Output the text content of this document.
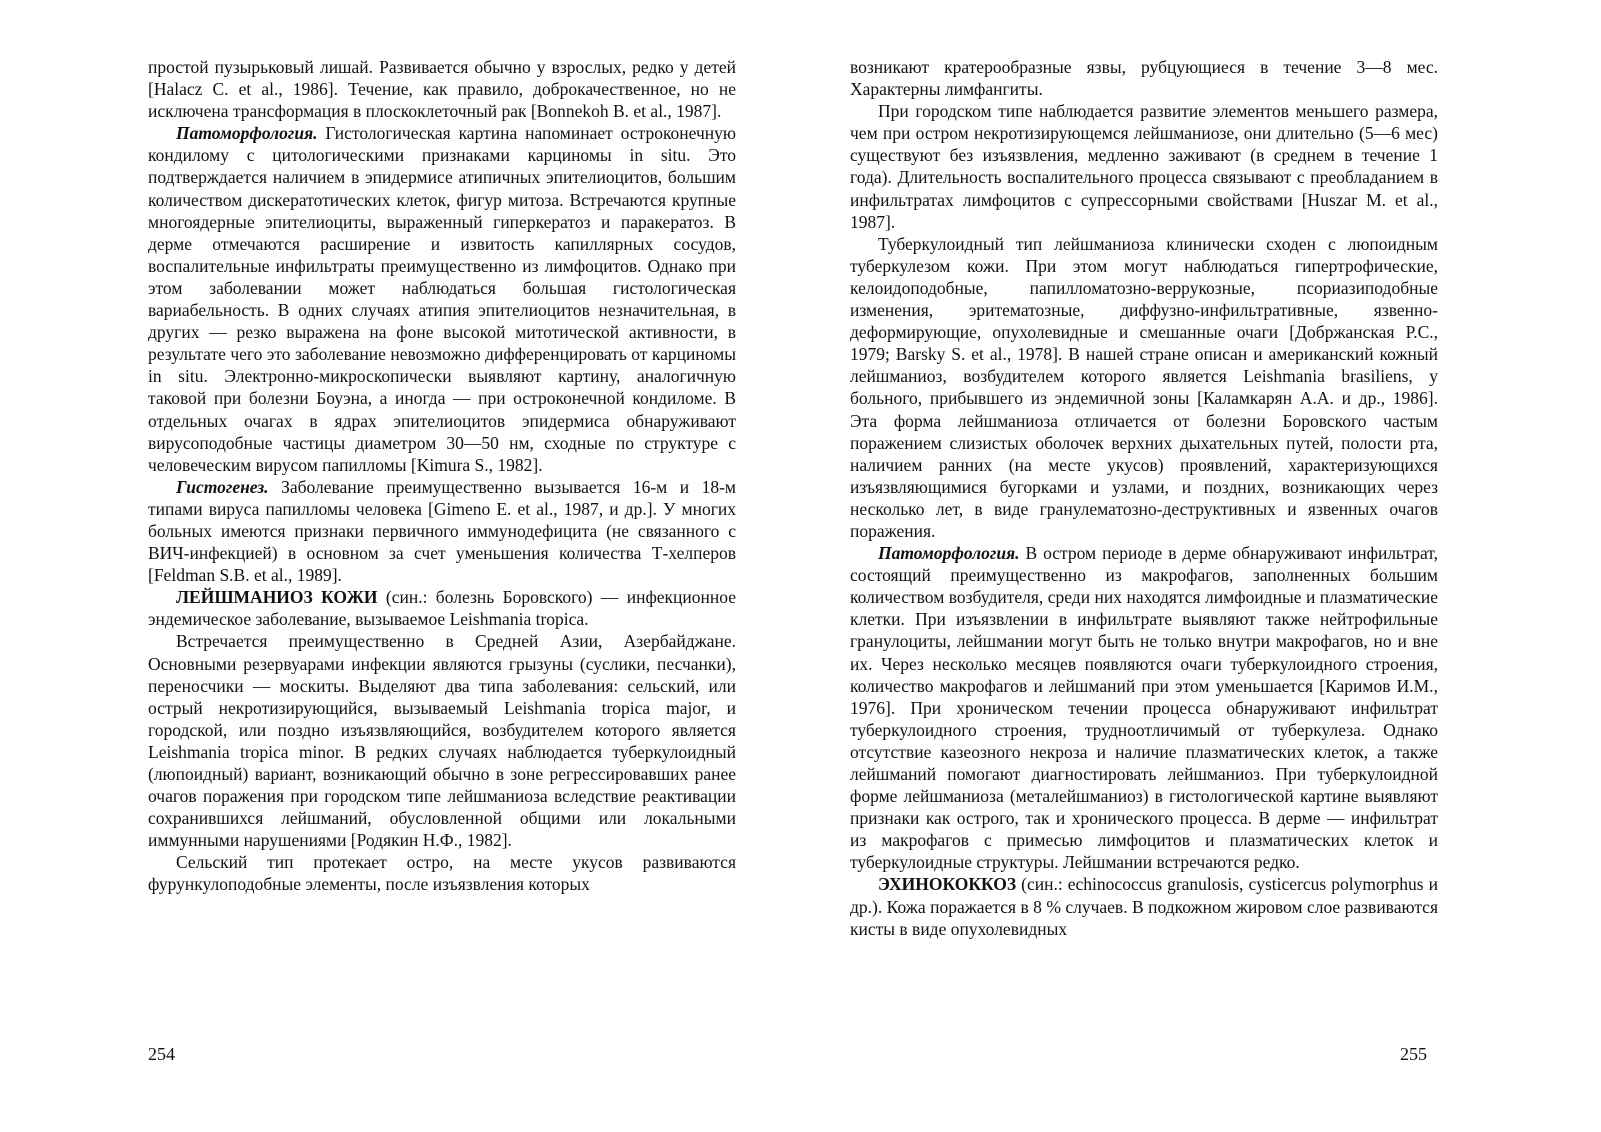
простой пузырьковый лишай. Развивается обычно у взрослых, редко у детей [Halacz C. et al., 1986]. Течение, как правило, доброкачественное, но не исключена трансформация в плоскоклеточный рак [Bonnekoh B. et al., 1987].

Патоморфология. Гистологическая картина напоминает остроконечную кондилому с цитологическими признаками карциномы in situ. Это подтверждается наличием в эпидермисе атипичных эпителиоцитов, большим количеством дискератотических клеток, фигур митоза. Встречаются крупные многоядерные эпителиоциты, выраженный гиперкератоз и паракератоз. В дерме отмечаются расширение и извитость капиллярных сосудов, воспалительные инфильтраты преимущественно из лимфоцитов. Однако при этом заболевании может наблюдаться большая гистологическая вариабельность. В одних случаях атипия эпителиоцитов незначительная, в других — резко выражена на фоне высокой митотической активности, в результате чего это заболевание невозможно дифференцировать от карциномы in situ. Электронно-микроскопически выявляют картину, аналогичную таковой при болезни Боуэна, а иногда — при остроконечной кондиломе. В отдельных очагах в ядрах эпителиоцитов эпидермиса обнаруживают вирусоподобные частицы диаметром 30—50 нм, сходные по структуре с человеческим вирусом папилломы [Kimura S., 1982].

Гистогенез. Заболевание преимущественно вызывается 16-м и 18-м типами вируса папилломы человека [Gimeno E. et al., 1987, и др.]. У многих больных имеются признаки первичного иммунодефицита (не связанного с ВИЧ-инфекцией) в основном за счет уменьшения количества Т-хелперов [Feldman S.B. et al., 1989].

ЛЕЙШМАНИОЗ КОЖИ (син.: болезнь Боровского) — инфекционное эндемическое заболевание, вызываемое Leishmania tropica.

Встречается преимущественно в Средней Азии, Азербайджане. Основными резервуарами инфекции являются грызуны (суслики, песчанки), переносчики — москиты. Выделяют два типа заболевания: сельский, или острый некротизирующийся, вызываемый Leishmania tropica major, и городской, или поздно изъязвляющийся, возбудителем которого является Leishmania tropica minor. В редких случаях наблюдается туберкулоидный (люпоидный) вариант, возникающий обычно в зоне регрессировавших ранее очагов поражения при городском типе лейшманиоза вследствие реактивации сохранившихся лейшманий, обусловленной общими или локальными иммунными нарушениями [Родякин Н.Ф., 1982].

Сельский тип протекает остро, на месте укусов развиваются фурункулоподобные элементы, после изъязвления которых

254

возникают кратерообразные язвы, рубцующиеся в течение 3—8 мес. Характерны лимфангиты.

При городском типе наблюдается развитие элементов меньшего размера, чем при остром некротизирующемся лейшманиозе, они длительно (5—6 мес) существуют без изъязвления, медленно заживают (в среднем в течение 1 года). Длительность воспалительного процесса связывают с преобладанием в инфильтратах лимфоцитов с супрессорными свойствами [Huszar M. et al., 1987].

Туберкулоидный тип лейшманиоза клинически сходен с люпоидным туберкулезом кожи. При этом могут наблюдаться гипертрофические, келоидоподобные, папилломатозно-веррукозные, псориазиподобные изменения, эритематозные, диффузно-инфильтративные, язвенно-деформирующие, опухолевидные и смешанные очаги [Добржанская Р.С., 1979; Barsky S. et al., 1978]. В нашей стране описан и американский кожный лейшманиоз, возбудителем которого является Leishmania brasiliens, у больного, прибывшего из эндемичной зоны [Каламкарян А.А. и др., 1986]. Эта форма лейшманиоза отличается от болезни Боровского частым поражением слизистых оболочек верхних дыхательных путей, полости рта, наличием ранних (на месте укусов) проявлений, характеризующихся изъязвляющимися бугорками и узлами, и поздних, возникающих через несколько лет, в виде гранулематозно-деструктивных и язвенных очагов поражения.

Патоморфология. В остром периоде в дерме обнаруживают инфильтрат, состоящий преимущественно из макрофагов, заполненных большим количеством возбудителя, среди них находятся лимфоидные и плазматические клетки. При изъязвлении в инфильтрате выявляют также нейтрофильные гранулоциты, лейшмании могут быть не только внутри макрофагов, но и вне их. Через несколько месяцев появляются очаги туберкулоидного строения, количество макрофагов и лейшманий при этом уменьшается [Каримов И.М., 1976]. При хроническом течении процесса обнаруживают инфильтрат туберкулоидного строения, трудноотличимый от туберкулеза. Однако отсутствие казеозного некроза и наличие плазматических клеток, а также лейшманий помогают диагностировать лейшманиоз. При туберкулоидной форме лейшманиоза (металейшманиоз) в гистологической картине выявляют признаки как острого, так и хронического процесса. В дерме — инфильтрат из макрофагов с примесью лимфоцитов и плазматических клеток и туберкулоидные структуры. Лейшмании встречаются редко.

ЭХИНОКОККОЗ (син.: echinococcus granulosis, cysticercus polymorphus и др.). Кожа поражается в 8 % случаев. В подкожном жировом слое развиваются кисты в виде опухолевидных

255
